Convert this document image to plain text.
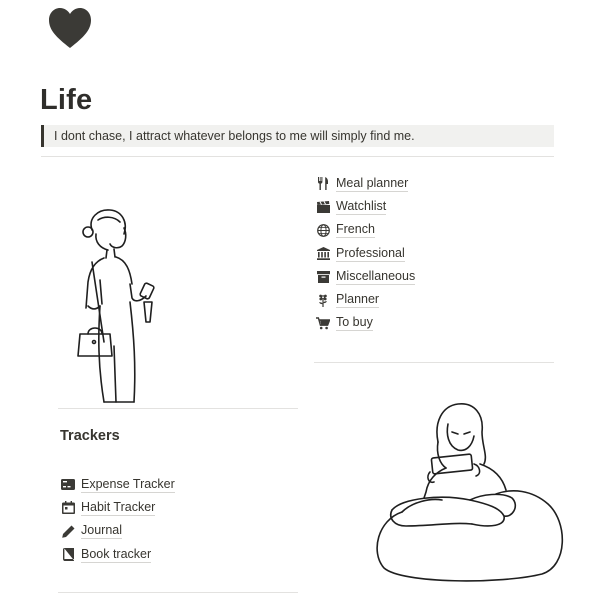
Life
I dont chase, I attract whatever belongs to me will simply find me.
Meal planner
Watchlist
French
Professional
Miscellaneous
Planner
To buy
Trackers
Expense Tracker
Habit Tracker
Journal
Book tracker
